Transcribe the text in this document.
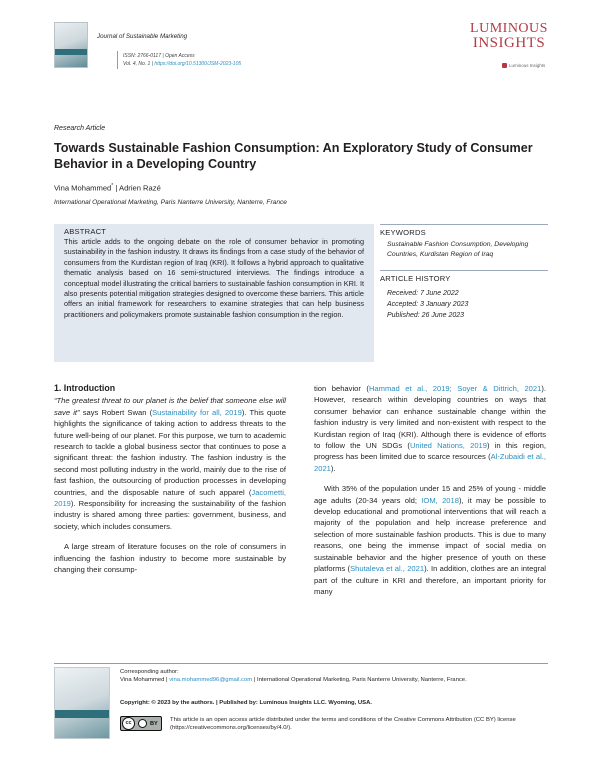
Journal of Sustainable Marketing
ISSN: 2766-0117 | Open Access
Vol. 4, No. 1 | https://doi.org/10.51300/JSM-2023-105
LUMINOUS
INSIGHTS
Luminous Insights
Research Article
Towards Sustainable Fashion Consumption: An Exploratory Study of Consumer Behavior in a Developing Country
Vina Mohammed* | Adrien Razé
International Operational Marketing, Paris Nanterre University, Nanterre, France
ABSTRACT
This article adds to the ongoing debate on the role of consumer behavior in promoting sustainability in the fashion industry. It draws its findings from a case study of the behavior of consumers from the Kurdistan region of Iraq (KRI). It follows a hybrid approach to qualitative thematic analysis based on 16 semi-structured interviews. The findings introduce a conceptual model illustrating the critical barriers to sustainable fashion consumption in KRI. It also presents potential mitigation strategies designed to overcome these barriers. This article offers an initial framework for researchers to examine strategies that can help business practitioners and policymakers promote sustainable fashion consumption in the region.
KEYWORDS
Sustainable Fashion Consumption, Developing Countries, Kurdistan Region of Iraq
ARTICLE HISTORY
Received: 7 June 2022
Accepted: 3 January 2023
Published: 26 June 2023
1. Introduction

“The greatest threat to our planet is the belief that someone else will save it” says Robert Swan (Sustainability for all, 2019). This quote highlights the significance of taking action to address threats to the future well-being of our planet. For this purpose, we turn to academic research to tackle a global business sector that continues to pose a significant threat: the fashion industry. The fashion industry is the second most polluting industry in the world, mainly due to the rise of fast fashion, the outsourcing of production processes in developing countries, and the disposable nature of such apparel (Jacometti, 2019). Responsibility for increasing the sustainability of the fashion industry is shared among three parties: government, business, and society, which includes consumers.

A large stream of literature focuses on the role of consumers in influencing the fashion industry to become more sustainable by changing their consump-

tion behavior (Hammad et al., 2019; Soyer & Dittrich, 2021). However, research within developing countries on ways that consumer behavior can enhance sustainable change within the fashion industry is very limited and non-existent with respect to the Kurdistan region of Iraq (KRI). Although there is evidence of efforts to follow the UN SDGs (United Nations, 2019) in this region, progress has been limited due to scarce resources (Al-Zubaidi et al., 2021).

With 35% of the population under 15 and 25% of young - middle age adults (20-34 years old; IOM, 2018), it may be possible to develop educational and promotional interventions that will reach a majority of the population and help increase preference and selection of more sustainable fashion products. This is due to many reasons, one being the immense impact of social media on sustainable behavior and the higher presence of youth on these platforms (Shutaleva et al., 2021). In addition, clothes are an integral part of the culture in KRI and therefore, an important priority for many

Corresponding author:
Vina Mohammed | vina.mohammed96@gmail.com | International Operational Marketing, Paris Nanterre University, Nanterre, France.
Copyright: © 2023 by the authors. | Published by: Luminous Insights LLC. Wyoming, USA.
cc	BY
This article is an open access article distributed under the terms and conditions of the Creative Commons Attribution (CC BY) license (https://creativecommons.org/licenses/by/4.0/).
